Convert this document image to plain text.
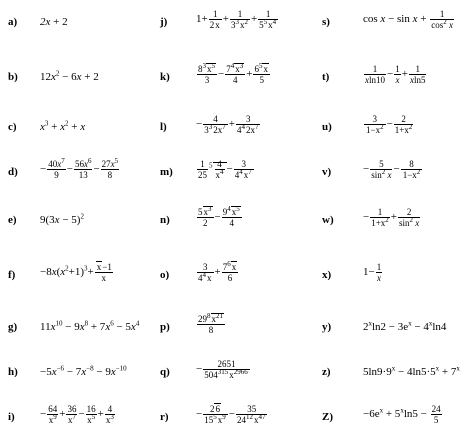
a) 2x + 2	j)	$1+ \frac{1}{2x} + \frac{1}{3^3x^2} + \frac{1}{5^5x^4}$	s)	$\cos x - \sin x + \frac{1}{\cos^2 x}$
b) $12x^2 - 6x + 2$	k)	$\frac{8^3x^5}{3} - \frac{7^4x^3}{4} + \frac{6^5x}{5}$	t)	$\frac{1}{xln10} - \frac{1}{x} + \frac{1}{xln5}$
c) $x^3 + x^2 + x$	l)	− $\frac{4}{3^32x^7} + \frac{3}{4^42x^7}$	u)	$\frac{3}{1-x^2} - \frac{2}{1+x^2}$
$d) - \frac{40x^7}{9} - \frac{56x^6}{13} - \frac{27x^5}{8}$	m)	$\frac{1}{25} ^5 \frac{4}{x^4} - \frac{3}{4^4x^7}$	v)	− $\frac{5}{\sin^2 x} - \frac{8}{1-x^2}$
e) $9(3x - 5)^2$	n)	$\frac{5x^3}{2} - \frac{9^4x^5}{4}$	w)	− $\frac{1}{1+x^2} + \frac{2}{\sin^2 x}$
$f) -8x(x^2+1)^3+ \frac{x-1}{x}$	o)	$\frac{3}{4^4x} + \frac{7^6x}{6}$	x)	$1- \frac{1}{x}$
g) $11x^{10} - 9x^8 + 7x^6 - 5x^4$ p)	$\frac{29^8x^{21}}{8}$	y)	$2^x\ln 2 - 3e^x - 4^x\ln 4$
$h) -5x^{-6} - 7x^{-8} - 9x^{-10}$	$q) - \frac{2651}{504^{315}x^{2966}}$	z)	$5\ln 9\cdot 9^x - 4\ln 5\cdot 5^x + 7^x$
$i) - \frac{64}{x^9} + \frac{36}{x^7} - \frac{16}{x^5} + \frac{4}{x^3}$	$r) - \frac{26}{15^5x^9} - \frac{35}{24^{12}x^{47}}$	Z)	$-6e^x + 5^x\ln 5 - \frac{24}{5}$
